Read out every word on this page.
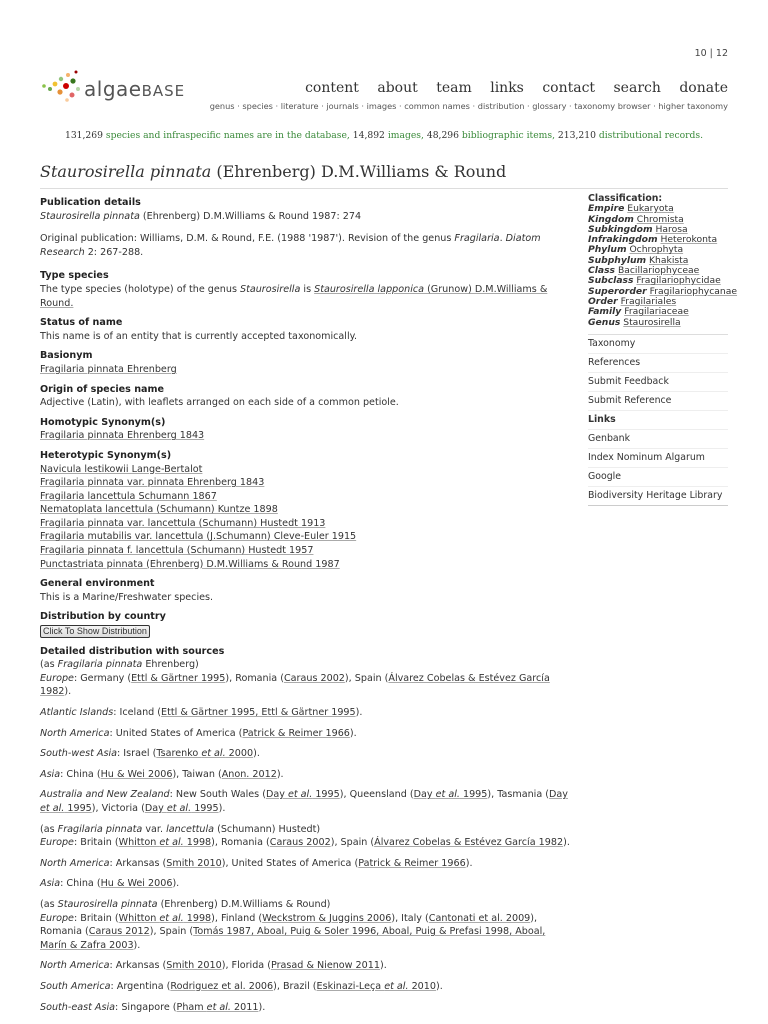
10 | 12
algaeBASE	content about team links contact search donate
genus · species · literature · journals · images · common names · distribution · glossary · taxonomy browser · higher taxonomy
131,269 species and infraspecific names are in the database, 14,892 images, 48,296 bibliographic items, 213,210 distributional records.
Staurosirella pinnata (Ehrenberg) D.M.Williams & Round
Publication details

Staurosirella pinnata (Ehrenberg) D.M.Williams & Round 1987: 274

Original publication: Williams, D.M. & Round, F.E. (1988 '1987'). Revision of the genus Fragilaria. Diatom Research 2: 267-288.

Type species

The type species (holotype) of the genus Staurosirella is Staurosirella lapponica (Grunow) D.M.Williams & Round.

Status of name

This name is of an entity that is currently accepted taxonomically.

Basionym
Fragilaria pinnata Ehrenberg
Origin of species name

Adjective (Latin), with leaflets arranged on each side of a common petiole.

Homotypic Synonym(s)
Fragilaria pinnata Ehrenberg 1843
Heterotypic Synonym(s)
Navicula lestikowii Lange-Bertalot
Fragilaria pinnata var. pinnata Ehrenberg 1843
Fragilaria lancettula Schumann 1867
Nematoplata lancettula (Schumann) Kuntze 1898
Fragilaria pinnata var. lancettula (Schumann) Hustedt 1913
Fragilaria mutabilis var. lancettula (J.Schumann) Cleve-Euler 1915
Fragilaria pinnata f. lancettula (Schumann) Hustedt 1957
Punctastriata pinnata (Ehrenberg) D.M.Williams & Round 1987
General environment

This is a Marine/Freshwater species.

Distribution by country
Click To Show Distribution
Detailed distribution with sources

(as Fragilaria pinnata Ehrenberg)

Europe: Germany (Ettl & Gärtner 1995), Romania (Caraus 2002), Spain (Álvarez Cobelas & Estévez García 1982).

Atlantic Islands: Iceland (Ettl & Gärtner 1995, Ettl & Gärtner 1995).

North America: United States of America (Patrick & Reimer 1966).

South-west Asia: Israel (Tsarenko et al. 2000).

Asia: China (Hu & Wei 2006), Taiwan (Anon. 2012).

Australia and New Zealand: New South Wales (Day et al. 1995), Queensland (Day et al. 1995), Tasmania (Day et al. 1995), Victoria (Day et al. 1995).

(as Fragilaria pinnata var. lancettula (Schumann) Hustedt)

Europe: Britain (Whitton et al. 1998), Romania (Caraus 2002), Spain (Álvarez Cobelas & Estévez García 1982).

North America: Arkansas (Smith 2010), United States of America (Patrick & Reimer 1966).

Asia: China (Hu & Wei 2006).

(as Staurosirella pinnata (Ehrenberg) D.M.Williams & Round)

Europe: Britain (Whitton et al. 1998), Finland (Weckstrom & Juggins 2006), Italy (Cantonati et al. 2009), Romania (Caraus 2012), Spain (Tomás 1987, Aboal, Puig & Soler 1996, Aboal, Puig & Prefasi 1998, Aboal, Marín & Zafra 2003).

North America: Arkansas (Smith 2010), Florida (Prasad & Nienow 2011).

South America: Argentina (Rodriguez et al. 2006), Brazil (Eskinazi-Leça et al. 2010).

South-east Asia: Singapore (Pham et al. 2011).

Classification:
Empire Eukaryota
Kingdom Chromista
Subkingdom Harosa
Infrakingdom Heterokonta
Phylum Ochrophyta
Subphylum Khakista
Class Bacillariophyceae
Subclass Fragilariophycidae
Superorder Fragilariophycanae
Order Fragilariales
Family Fragilariaceae
Genus Staurosirella
Taxonomy
References
Submit Feedback
Submit Reference
Links
Genbank
Index Nominum Algarum
Google
Biodiversity Heritage Library
